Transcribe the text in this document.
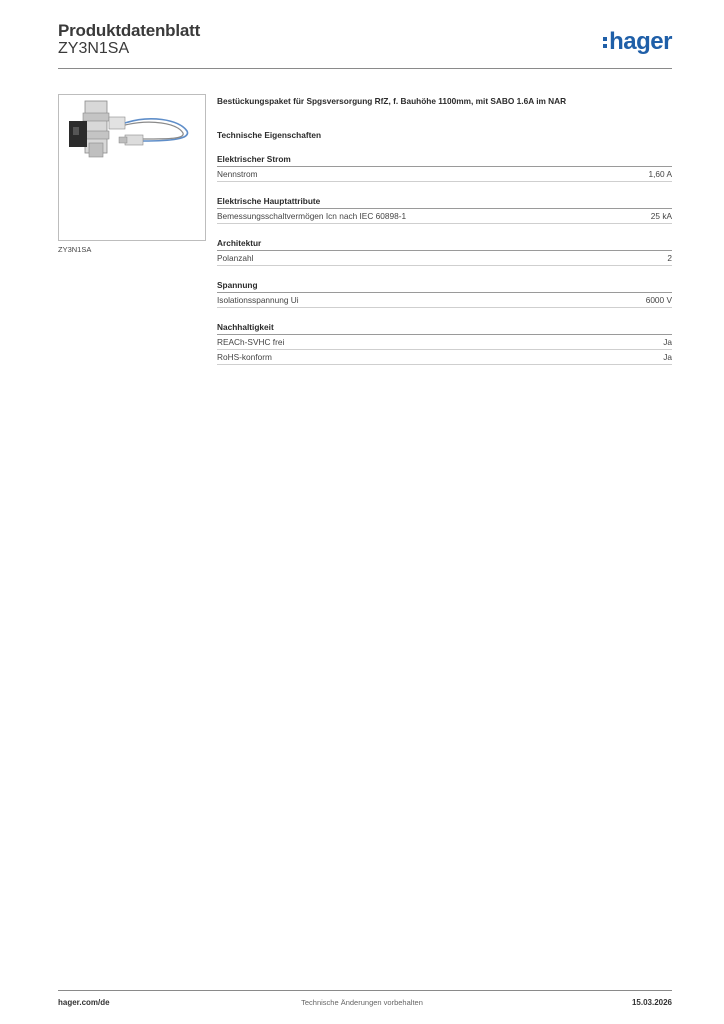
Produktdatenblatt
ZY3N1SA	hager
ZY3N1SA
Bestückungspaket für Spgsversorgung RfZ, f. Bauhöhe 1100mm, mit SABO 1.6A im NAR
Technische Eigenschaften
Elektrischer Strom
Nennstrom	1,60 A
Elektrische Hauptattribute
Bemessungsschaltvermögen Icn nach IEC 60898-1	25 kA
Architektur
Polanzahl	2
Spannung
Isolationsspannung Ui	6000 V
Nachhaltigkeit
REACh-SVHC frei	Ja
RoHS-konform	Ja
hager.com/de	Technische Änderungen vorbehalten	15.03.2026
